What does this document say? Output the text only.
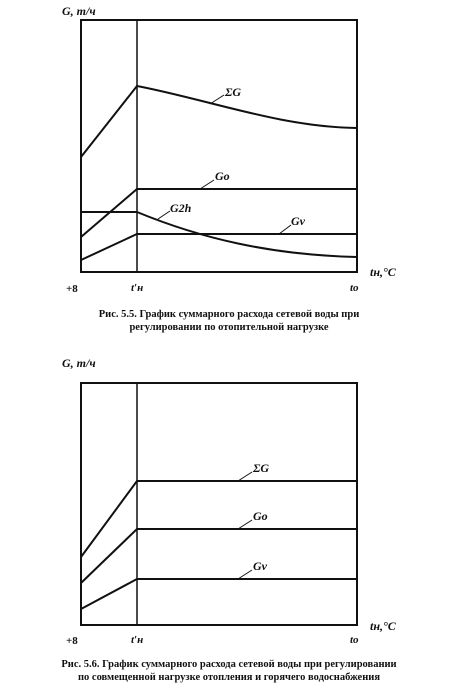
G, т/ч
tн,°C
+8	t′н	to
ΣG
Go
G2h
Gv
Рис. 5.5. График суммарного расхода сетевой воды при
регулировании по отопительной нагрузке
G, т/ч
tн,°C
+8	t′н	to
ΣG
Go
Gv
Рис. 5.6. График суммарного расхода сетевой воды при регулировании
по совмещенной нагрузке отопления и горячего водоснабжения
